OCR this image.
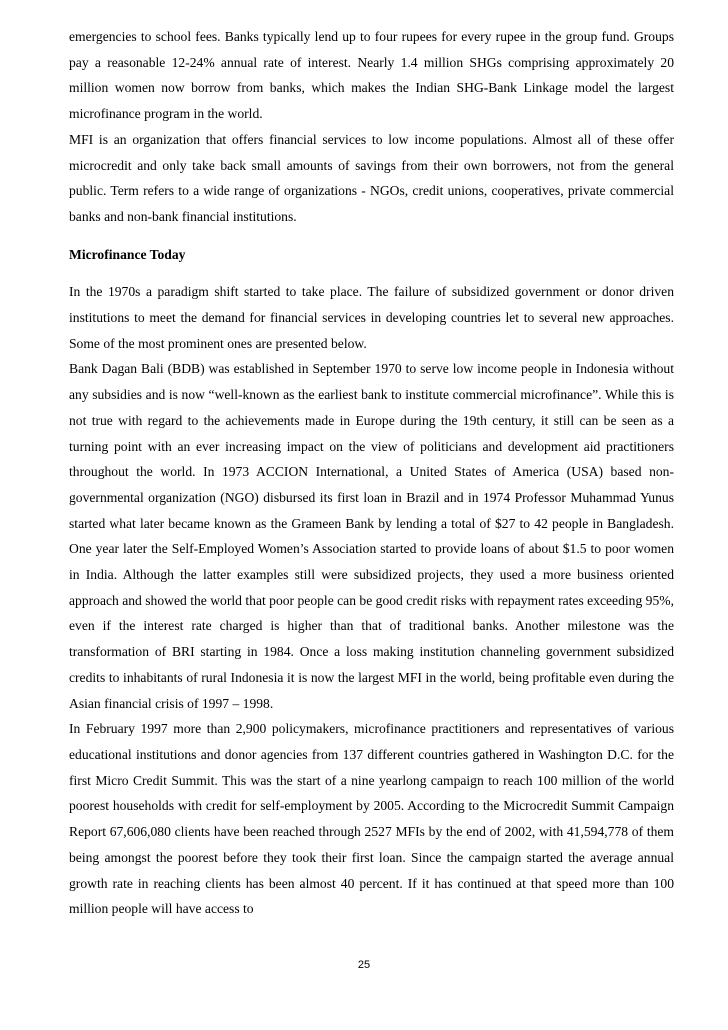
emergencies to school fees. Banks typically lend up to four rupees for every rupee in the group fund. Groups pay a reasonable 12-24% annual rate of interest. Nearly 1.4 million SHGs comprising approximately 20 million women now borrow from banks, which makes the Indian SHG-Bank Linkage model the largest microfinance program in the world.

MFI is an organization that offers financial services to low income populations. Almost all of these offer microcredit and only take back small amounts of savings from their own borrowers, not from the general public. Term refers to a wide range of organizations - NGOs, credit unions, cooperatives, private commercial banks and non-bank financial institutions.

Microfinance Today

In the 1970s a paradigm shift started to take place. The failure of subsidized government or donor driven institutions to meet the demand for financial services in developing countries let to several new approaches. Some of the most prominent ones are presented below.

Bank Dagan Bali (BDB) was established in September 1970 to serve low income people in Indonesia without any subsidies and is now “well-known as the earliest bank to institute commercial microfinance”. While this is not true with regard to the achievements made in Europe during the 19th century, it still can be seen as a turning point with an ever increasing impact on the view of politicians and development aid practitioners throughout the world. In 1973 ACCION International, a United States of America (USA) based non-governmental organization (NGO) disbursed its first loan in Brazil and in 1974 Professor Muhammad Yunus started what later became known as the Grameen Bank by lending a total of $27 to 42 people in Bangladesh. One year later the Self-Employed Women’s Association started to provide loans of about $1.5 to poor women in India. Although the latter examples still were subsidized projects, they used a more business oriented approach and showed the world that poor people can be good credit risks with repayment rates exceeding 95%, even if the interest rate charged is higher than that of traditional banks. Another milestone was the transformation of BRI starting in 1984. Once a loss making institution channeling government subsidized credits to inhabitants of rural Indonesia it is now the largest MFI in the world, being profitable even during the Asian financial crisis of 1997 – 1998.

In February 1997 more than 2,900 policymakers, microfinance practitioners and representatives of various educational institutions and donor agencies from 137 different countries gathered in Washington D.C. for the first Micro Credit Summit. This was the start of a nine yearlong campaign to reach 100 million of the world poorest households with credit for self-employment by 2005. According to the Microcredit Summit Campaign Report 67,606,080 clients have been reached through 2527 MFIs by the end of 2002, with 41,594,778 of them being amongst the poorest before they took their first loan. Since the campaign started the average annual growth rate in reaching clients has been almost 40 percent. If it has continued at that speed more than 100 million people will have access to

25
